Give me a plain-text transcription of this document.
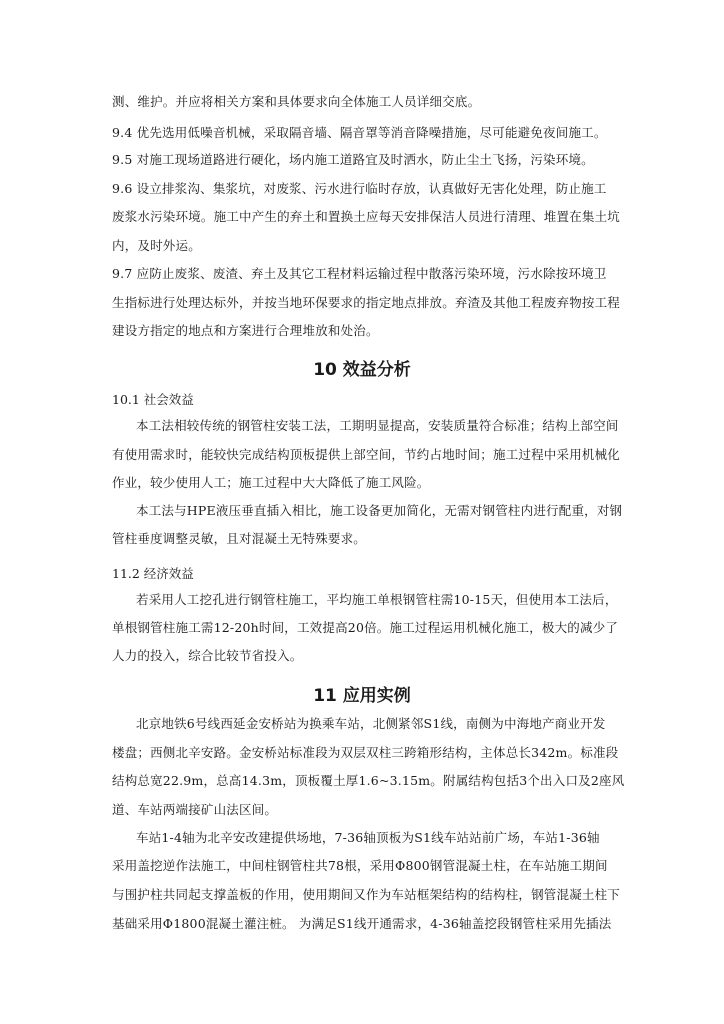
测、维护。并应将相关方案和具体要求向全体施工人员详细交底。
9.4 优先选用低噪音机械，采取隔音墙、隔音罩等消音降噪措施，尽可能避免夜间施工。
9.5 对施工现场道路进行硬化，场内施工道路宜及时洒水，防止尘土飞扬，污染环境。
9.6 设立排浆沟、集浆坑，对废浆、污水进行临时存放，认真做好无害化处理，防止施工
废浆水污染环境。施工中产生的弃土和置换土应每天安排保洁人员进行清理、堆置在集土坑
内，及时外运。
9.7 应防止废浆、废渣、弃土及其它工程材料运输过程中散落污染环境，污水除按环境卫
生指标进行处理达标外，并按当地环保要求的指定地点排放。弃渣及其他工程废弃物按工程
建设方指定的地点和方案进行合理堆放和处治。
10 效益分析
10.1 社会效益
本工法相较传统的钢管柱安装工法，工期明显提高，安装质量符合标准；结构上部空间
有使用需求时，能较快完成结构顶板提供上部空间，节约占地时间；施工过程中采用机械化
作业，较少使用人工；施工过程中大大降低了施工风险。
本工法与HPE液压垂直插入相比，施工设备更加简化，无需对钢管柱内进行配重，对钢
管柱垂度调整灵敏，且对混凝土无特殊要求。
11.2 经济效益
若采用人工挖孔进行钢管柱施工，平均施工单根钢管柱需10-15天，但使用本工法后，
单根钢管柱施工需12-20h时间，工效提高20倍。施工过程运用机械化施工，极大的减少了
人力的投入，综合比较节省投入。
11 应用实例
北京地铁6号线西延金安桥站为换乘车站，北侧紧邻S1线，南侧为中海地产商业开发
楼盘；西侧北辛安路。金安桥站标准段为双层双柱三跨箱形结构，主体总长342m。标准段
结构总宽22.9m，总高14.3m，顶板覆土厚1.6~3.15m。附属结构包括3个出入口及2座风
道、车站两端接矿山法区间。
车站1-4轴为北辛安改建提供场地，7-36轴顶板为S1线车站站前广场，车站1-36轴
采用盖挖逆作法施工，中间柱钢管柱共78根，采用Φ800钢管混凝土柱，在车站施工期间
与围护柱共同起支撑盖板的作用，使用期间又作为车站框架结构的结构柱，钢管混凝土柱下
基础采用Φ1800混凝土灌注桩。 为满足S1线开通需求，4-36轴盖挖段钢管柱采用先插法
